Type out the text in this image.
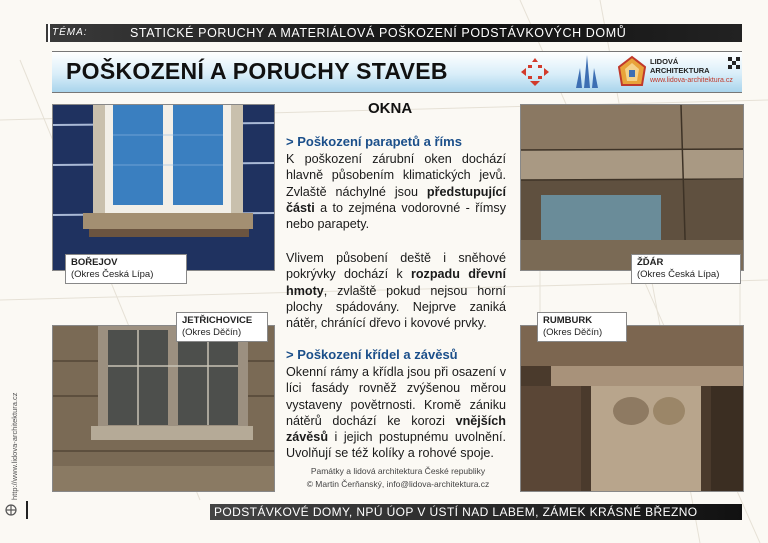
TÉMA:	STATICKÉ PORUCHY A MATERIÁLOVÁ POŠKOZENÍ PODSTÁVKOVÝCH DOMŮ
POŠKOZENÍ A PORUCHY STAVEB	LIDOVÁ
ARCHITEKTURA
www.lidova-architektura.cz
OKNA
> Poškození parapetů a říms
K poškození zárubní oken dochází hlavně působením klimatických jevů. Zvlaště náchylné jsou předstupující části a to zejména vodorovné - římsy nebo parapety.
Vlivem působení deště i sněhové pokrývky dochází k rozpadu dřevní hmoty, zvlaště pokud nejsou horní plochy spádovány. Nejprve zaniká nátěr, chránící dřevo i kovové prvky.
> Poškození křídel a závěsů
Okenní rámy a křídla jsou při osazení v líci fasády rovněž zvýšenou měrou vystaveny povětrnosti. Kromě zániku nátěrů dochází ke korozi vnějších závěsů i jejich postupnému uvolnění. Uvolňují se též kolíky a rohové spoje.
Památky a lidová architektura České republiky
© Martin Čerňanský, info@lidova-architektura.cz
BOŘEJOV
(Okres Česká Lípa)
JETŘICHOVICE
(Okres Děčín)
ŽĎÁR
(Okres Česká Lípa)
RUMBURK
(Okres Děčín)
http://www.lidova-architektura.cz
PODSTÁVKOVÉ DOMY, NPÚ ÚOP V ÚSTÍ NAD LABEM, ZÁMEK KRÁSNÉ BŘEZNO
